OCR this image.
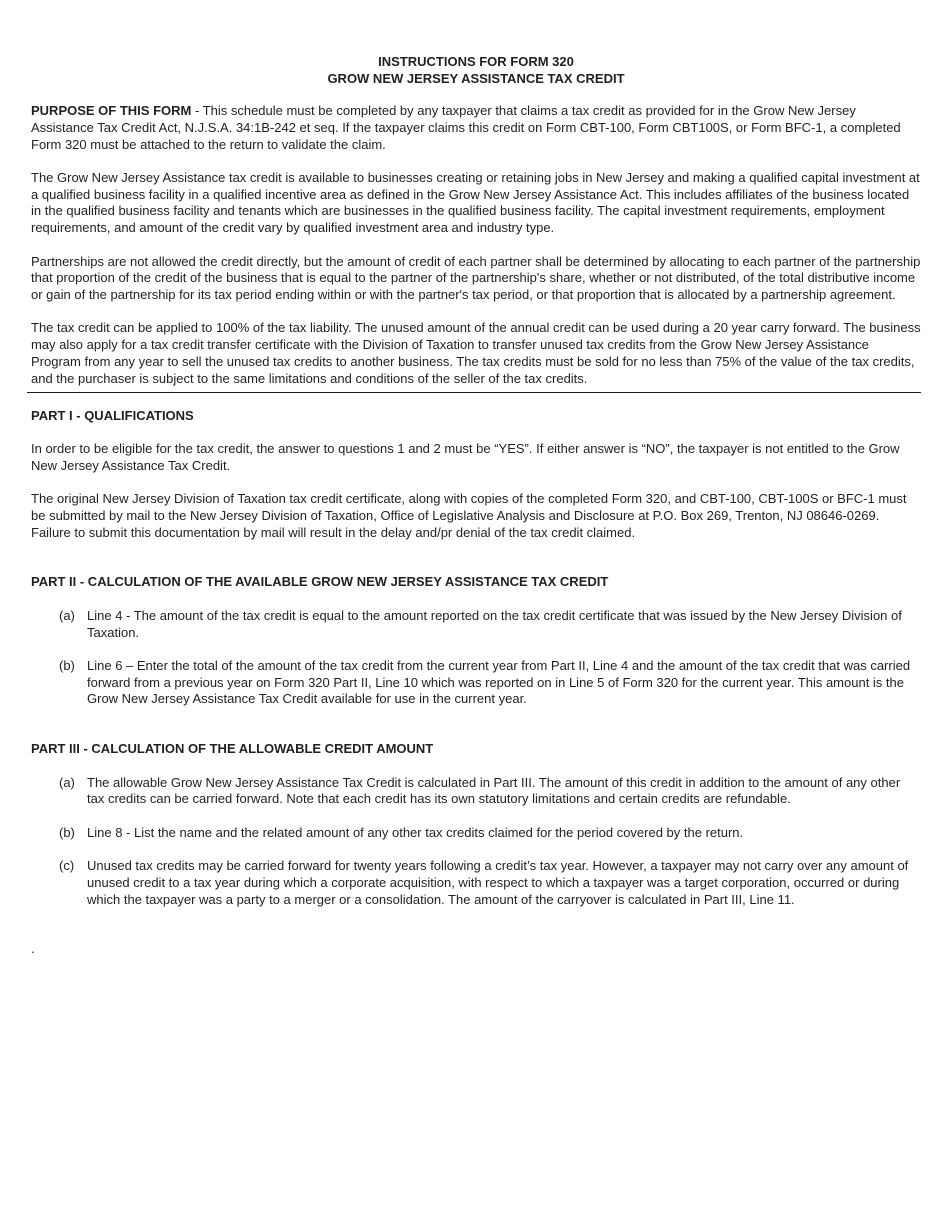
INSTRUCTIONS FOR FORM 320

GROW NEW JERSEY ASSISTANCE TAX CREDIT

PURPOSE OF THIS FORM - This schedule must be completed by any taxpayer that claims a tax credit as provided for in the Grow New Jersey Assistance Tax Credit Act, N.J.S.A. 34:1B-242 et seq. If the taxpayer claims this credit on Form CBT-100, Form CBT100S, or Form BFC-1, a completed Form 320 must be attached to the return to validate the claim.

The Grow New Jersey Assistance tax credit is available to businesses creating or retaining jobs in New Jersey and making a qualified capital investment at a qualified business facility in a qualified incentive area as defined in the Grow New Jersey Assistance Act. This includes affiliates of the business located in the qualified business facility and tenants which are businesses in the qualified business facility. The capital investment requirements, employment requirements, and amount of the credit vary by qualified investment area and industry type.

Partnerships are not allowed the credit directly, but the amount of credit of each partner shall be determined by allocating to each partner of the partnership that proportion of the credit of the business that is equal to the partner of the partnership's share, whether or not distributed, of the total distributive income or gain of the partnership for its tax period ending within or with the partner's tax period, or that proportion that is allocated by a partnership agreement.

The tax credit can be applied to 100% of the tax liability. The unused amount of the annual credit can be used during a 20 year carry forward. The business may also apply for a tax credit transfer certificate with the Division of Taxation to transfer unused tax credits from the Grow New Jersey Assistance Program from any year to sell the unused tax credits to another business. The tax credits must be sold for no less than 75% of the value of the tax credits, and the purchaser is subject to the same limitations and conditions of the seller of the tax credits.

PART I - QUALIFICATIONS

In order to be eligible for the tax credit, the answer to questions 1 and 2 must be “YES”. If either answer is “NO”, the taxpayer is not entitled to the Grow New Jersey Assistance Tax Credit.

The original New Jersey Division of Taxation tax credit certificate, along with copies of the completed Form 320, and CBT-100, CBT-100S or BFC-1 must be submitted by mail to the New Jersey Division of Taxation, Office of Legislative Analysis and Disclosure at P.O. Box 269, Trenton, NJ 08646-0269. Failure to submit this documentation by mail will result in the delay and/pr denial of the tax credit claimed.

PART II - CALCULATION OF THE AVAILABLE GROW NEW JERSEY ASSISTANCE TAX CREDIT

(a) Line 4 - The amount of the tax credit is equal to the amount reported on the tax credit certificate that was issued by the New Jersey Division of Taxation.
(b) Line 6 – Enter the total of the amount of the tax credit from the current year from Part II, Line 4 and the amount of the tax credit that was carried forward from a previous year on Form 320 Part II, Line 10 which was reported on in Line 5 of Form 320 for the current year. This amount is the Grow New Jersey Assistance Tax Credit available for use in the current year.

PART III - CALCULATION OF THE ALLOWABLE CREDIT AMOUNT

(a) The allowable Grow New Jersey Assistance Tax Credit is calculated in Part III. The amount of this credit in addition to the amount of any other tax credits can be carried forward. Note that each credit has its own statutory limitations and certain credits are refundable.
(b) Line 8 - List the name and the related amount of any other tax credits claimed for the period covered by the return.
(c) Unused tax credits may be carried forward for twenty years following a credit’s tax year. However, a taxpayer may not carry over any amount of unused credit to a tax year during which a corporate acquisition, with respect to which a taxpayer was a target corporation, occurred or during which the taxpayer was a party to a merger or a consolidation. The amount of the carryover is calculated in Part III, Line 11.
.
